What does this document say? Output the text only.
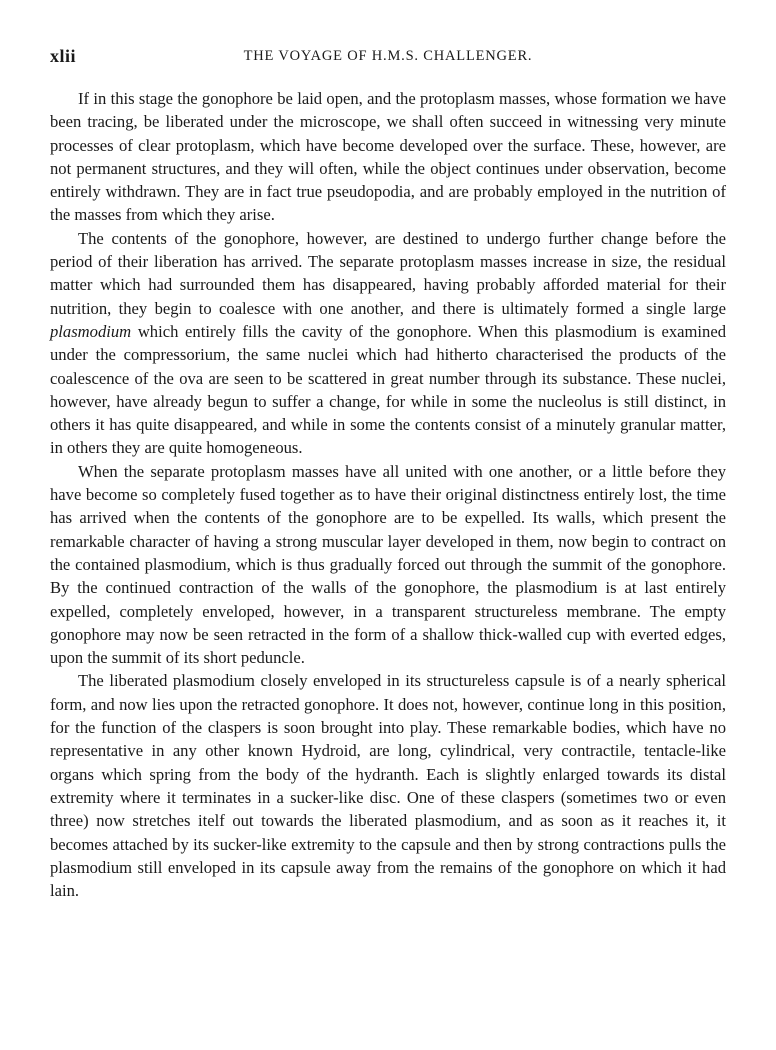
xlii	THE VOYAGE OF H.M.S. CHALLENGER.

If in this stage the gonophore be laid open, and the protoplasm masses, whose formation we have been tracing, be liberated under the microscope, we shall often succeed in witnessing very minute processes of clear protoplasm, which have become developed over the surface. These, however, are not permanent structures, and they will often, while the object continues under observation, become entirely withdrawn. They are in fact true pseudopodia, and are probably employed in the nutrition of the masses from which they arise.

The contents of the gonophore, however, are destined to undergo further change before the period of their liberation has arrived. The separate protoplasm masses increase in size, the residual matter which had surrounded them has disappeared, having probably afforded material for their nutrition, they begin to coalesce with one another, and there is ultimately formed a single large plasmodium which entirely fills the cavity of the gonophore. When this plasmodium is examined under the compressorium, the same nuclei which had hitherto characterised the products of the coalescence of the ova are seen to be scattered in great number through its substance. These nuclei, however, have already begun to suffer a change, for while in some the nucleolus is still distinct, in others it has quite disappeared, and while in some the contents consist of a minutely granular matter, in others they are quite homogeneous.

When the separate protoplasm masses have all united with one another, or a little before they have become so completely fused together as to have their original distinctness entirely lost, the time has arrived when the contents of the gonophore are to be expelled. Its walls, which present the remarkable character of having a strong muscular layer developed in them, now begin to contract on the contained plasmodium, which is thus gradually forced out through the summit of the gonophore. By the continued contraction of the walls of the gonophore, the plasmodium is at last entirely expelled, completely enveloped, however, in a transparent structureless membrane. The empty gonophore may now be seen retracted in the form of a shallow thick-walled cup with everted edges, upon the summit of its short peduncle.

The liberated plasmodium closely enveloped in its structureless capsule is of a nearly spherical form, and now lies upon the retracted gonophore. It does not, however, continue long in this position, for the function of the claspers is soon brought into play. These remarkable bodies, which have no representative in any other known Hydroid, are long, cylindrical, very contractile, tentacle-like organs which spring from the body of the hydranth. Each is slightly enlarged towards its distal extremity where it terminates in a sucker-like disc. One of these claspers (sometimes two or even three) now stretches itelf out towards the liberated plasmodium, and as soon as it reaches it, it becomes attached by its sucker-like extremity to the capsule and then by strong contractions pulls the plasmodium still enveloped in its capsule away from the remains of the gonophore on which it had lain.
